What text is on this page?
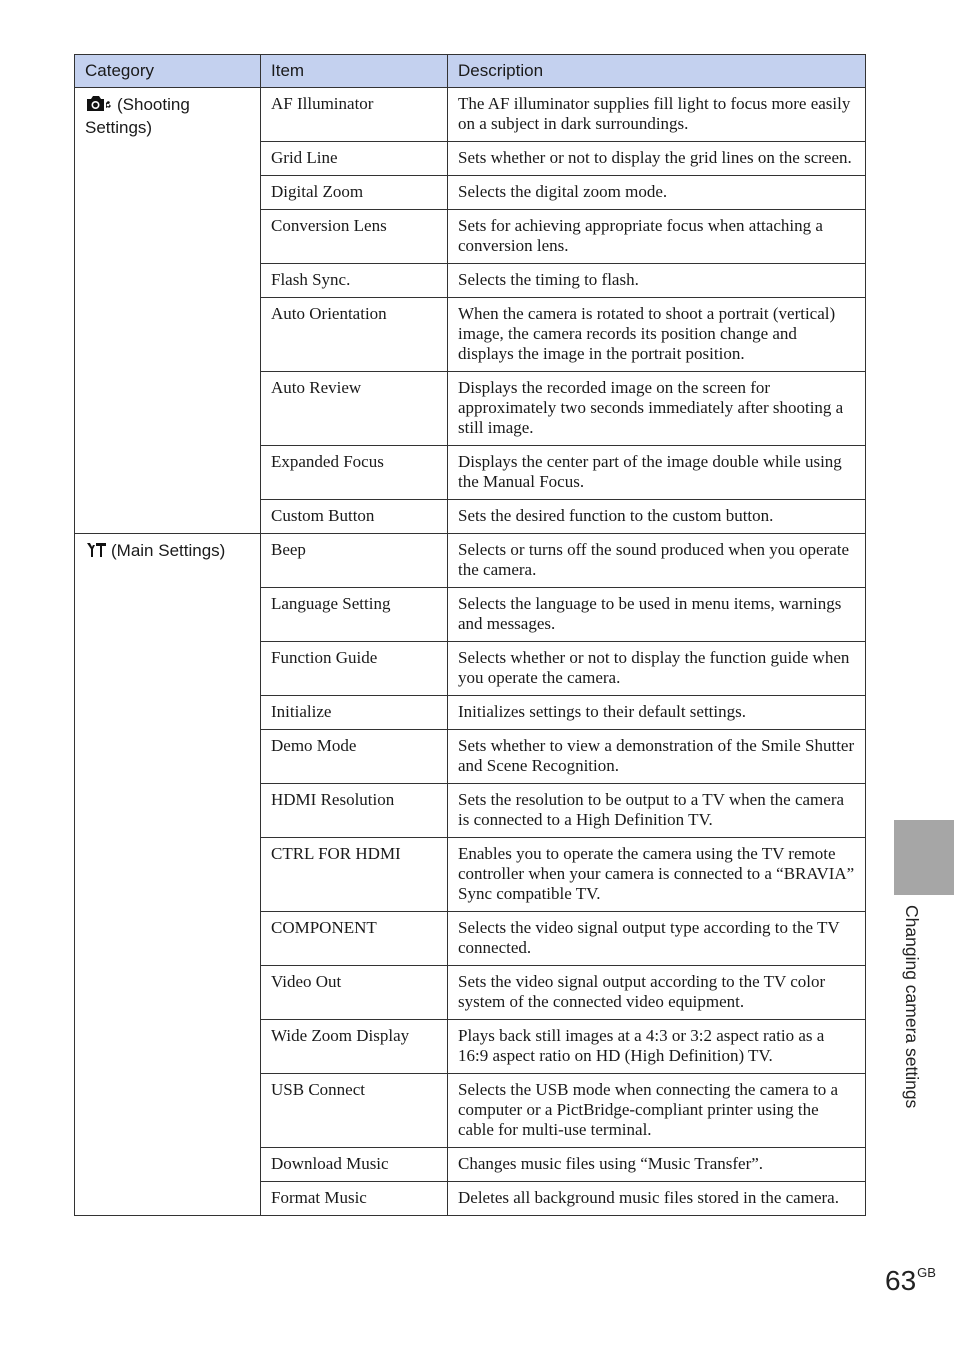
Category	Item	Description
(Shooting Settings)	AF Illuminator	The AF illuminator supplies fill light to focus more easily on a subject in dark surroundings.
	Grid Line	Sets whether or not to display the grid lines on the screen.
	Digital Zoom	Selects the digital zoom mode.
	Conversion Lens	Sets for achieving appropriate focus when attaching a conversion lens.
	Flash Sync.	Selects the timing to flash.
	Auto Orientation	When the camera is rotated to shoot a portrait (vertical) image, the camera records its position change and displays the image in the portrait position.
	Auto Review	Displays the recorded image on the screen for approximately two seconds immediately after shooting a still image.
	Expanded Focus	Displays the center part of the image double while using the Manual Focus.
	Custom Button	Sets the desired function to the custom button.
(Main Settings)	Beep	Selects or turns off the sound produced when you operate the camera.
	Language Setting	Selects the language to be used in menu items, warnings and messages.
	Function Guide	Selects whether or not to display the function guide when you operate the camera.
	Initialize	Initializes settings to their default settings.
	Demo Mode	Sets whether to view a demonstration of the Smile Shutter and Scene Recognition.
	HDMI Resolution	Sets the resolution to be output to a TV when the camera is connected to a High Definition TV.
	CTRL FOR HDMI	Enables you to operate the camera using the TV remote controller when your camera is connected to a “BRAVIA” Sync compatible TV.
	COMPONENT	Selects the video signal output type according to the TV connected.
	Video Out	Sets the video signal output according to the TV color system of the connected video equipment.
	Wide Zoom Display	Plays back still images at a 4:3 or 3:2 aspect ratio as a 16:9 aspect ratio on HD (High Definition) TV.
	USB Connect	Selects the USB mode when connecting the camera to a computer or a PictBridge-compliant printer using the cable for multi-use terminal.
	Download Music	Changes music files using “Music Transfer”.
	Format Music	Deletes all background music files stored in the camera.
Changing camera settings
$63^{GB}$
